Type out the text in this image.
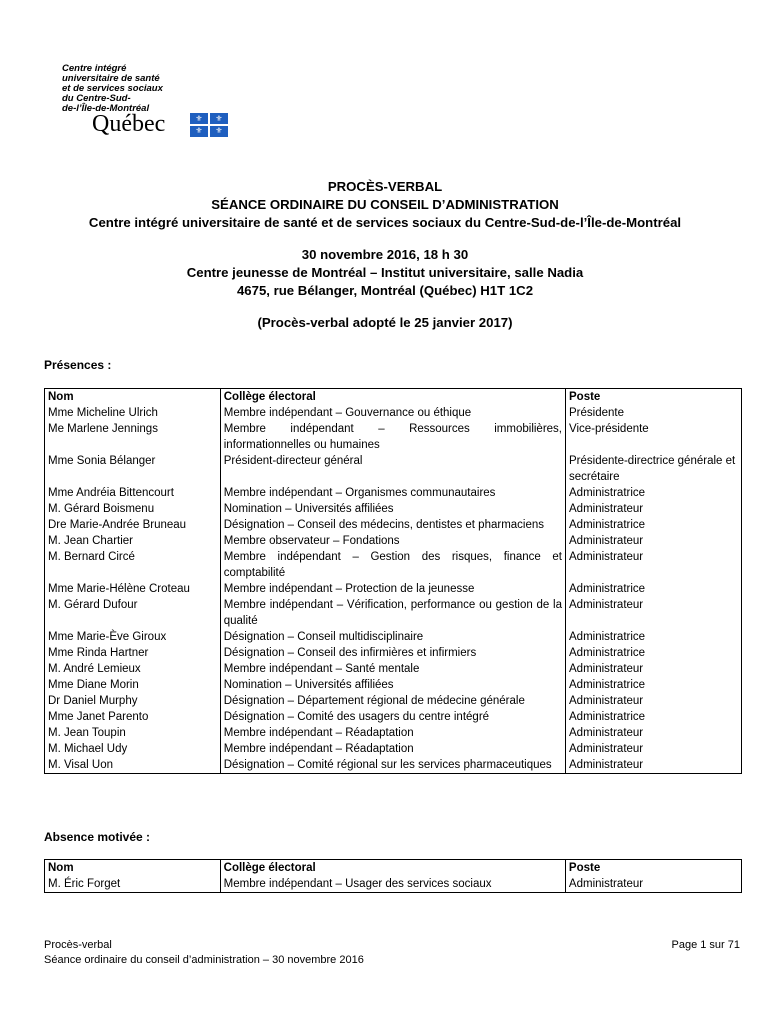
Centre intégré
universitaire de santé
et de services sociaux
du Centre-Sud-
de-l’Île-de-Montréal
Québec	⚜	⚜
⚜	⚜
PROCÈS-VERBAL
SÉANCE ORDINAIRE DU CONSEIL D’ADMINISTRATION
Centre intégré universitaire de santé et de services sociaux du Centre-Sud-de-l’Île-de-Montréal
30 novembre 2016, 18 h 30
Centre jeunesse de Montréal – Institut universitaire, salle Nadia
4675, rue Bélanger, Montréal (Québec) H1T 1C2
(Procès-verbal adopté le 25 janvier 2017)
Présences :
Nom	Collège électoral	Poste
Mme Micheline Ulrich	Membre indépendant – Gouvernance ou éthique	Présidente
Me Marlene Jennings	Membre indépendant – Ressources immobilières, informationnelles ou humaines	Vice-présidente
Mme Sonia Bélanger	Président-directeur général	Présidente-directrice générale et secrétaire
Mme Andréia Bittencourt	Membre indépendant – Organismes communautaires	Administratrice
M. Gérard Boismenu	Nomination – Universités affiliées	Administrateur
Dre Marie-Andrée Bruneau	Désignation – Conseil des médecins, dentistes et pharmaciens	Administratrice
M. Jean Chartier	Membre observateur – Fondations	Administrateur
M. Bernard Circé	Membre indépendant – Gestion des risques, finance et comptabilité	Administrateur
Mme Marie-Hélène Croteau	Membre indépendant – Protection de la jeunesse	Administratrice
M. Gérard Dufour	Membre indépendant – Vérification, performance ou gestion de la qualité	Administrateur
Mme Marie-Ève Giroux	Désignation – Conseil multidisciplinaire	Administratrice
Mme Rinda Hartner	Désignation – Conseil des infirmières et infirmiers	Administratrice
M. André Lemieux	Membre indépendant – Santé mentale	Administrateur
Mme Diane Morin	Nomination – Universités affiliées	Administratrice
Dr Daniel Murphy	Désignation – Département régional de médecine générale	Administrateur
Mme Janet Parento	Désignation – Comité des usagers du centre intégré	Administratrice
M. Jean Toupin	Membre indépendant – Réadaptation	Administrateur
M. Michael Udy	Membre indépendant – Réadaptation	Administrateur
M. Visal Uon	Désignation – Comité régional sur les services pharmaceutiques	Administrateur
Absence motivée :
Nom	Collège électoral	Poste
M. Éric Forget	Membre indépendant – Usager des services sociaux	Administrateur
Procès-verbal
Séance ordinaire du conseil d’administration – 30 novembre 2016
Page 1 sur 71
